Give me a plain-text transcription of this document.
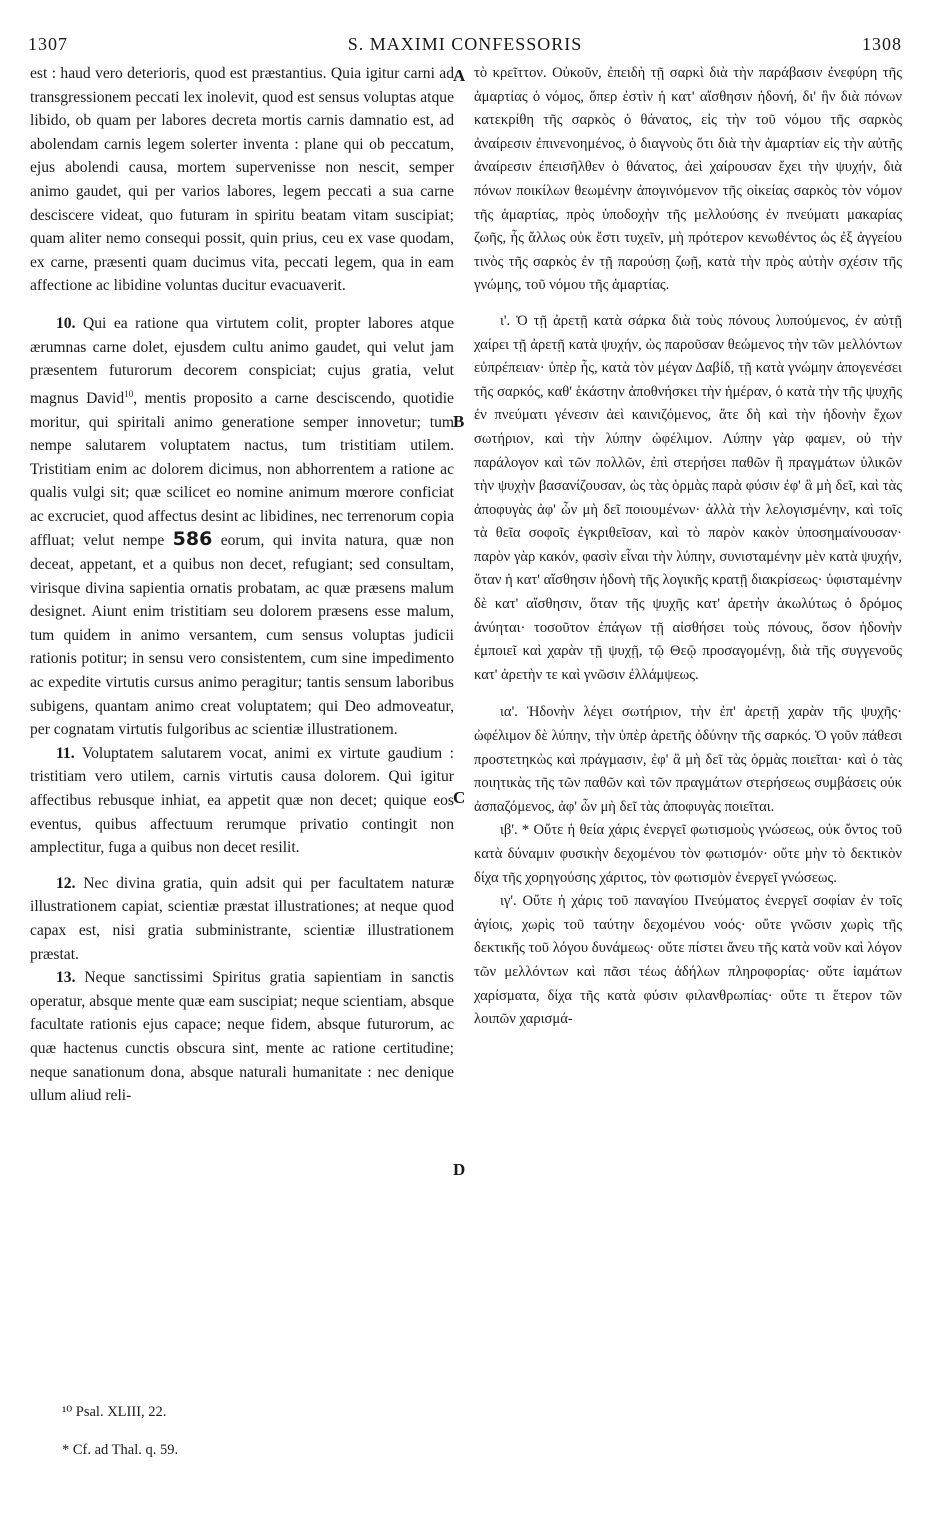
1307	S. MAXIMI CONFESSORIS	1308
A
B
C
D

est : haud vero deterioris, quod est præstantius. Quia igitur carni ad transgressionem peccati lex inolevit, quod est sensus voluptas atque libido, ob quam per labores decreta mortis carnis damnatio est, ad abolendam carnis legem solerter inventa : plane qui ob peccatum, ejus abolendi causa, mortem supervenisse non nescit, semper animo gaudet, qui per varios labores, legem peccati a sua carne desciscere videat, quo futuram in spiritu beatam vitam suscipiat; quam aliter nemo consequi possit, quin prius, ceu ex vase quodam, ex carne, præsenti quam ducimus vita, peccati legem, qua in eam affectione ac libidine voluntas ducitur evacuaverit.

10. Qui ea ratione qua virtutem colit, propter labores atque ærumnas carne dolet, ejusdem cultu animo gaudet, qui velut jam præsentem futurorum decorem conspiciat; cujus gratia, velut magnus David$^{10}$, mentis proposito a carne desciscendo, quotidie moritur, qui spiritali animo generatione semper innovetur; tum nempe salutarem voluptatem nactus, tum tristitiam utilem. Tristitiam enim ac dolorem dicimus, non abhorrentem a ratione ac qualis vulgi sit; quæ scilicet eo nomine animum mœrore conficiat ac excruciet, quod affectus desint ac libidines, nec terrenorum copia affluat; velut nempe 586 eorum, qui invita natura, quæ non deceat, appetant, et a quibus non decet, refugiant; sed consultam, virisque divina sapientia ornatis probatam, ac quæ præsens malum designet. Aiunt enim tristitiam seu dolorem præsens esse malum, tum quidem in animo versantem, cum sensus voluptas judicii rationis potitur; in sensu vero consistentem, cum sine impedimento ac expedite virtutis cursus animo peragitur; tantis sensum laboribus subigens, quantam animo creat voluptatem; qui Deo admoveatur, per cognatam virtutis fulgoribus ac scientiæ illustrationem.

11. Voluptatem salutarem vocat, animi ex virtute gaudium : tristitiam vero utilem, carnis virtutis causa dolorem. Qui igitur affectibus rebusque inhiat, ea appetit quæ non decet; quique eos eventus, quibus affectuum rerumque privatio contingit non amplectitur, fuga a quibus non decet resilit.

12. Nec divina gratia, quin adsit qui per facultatem naturæ illustrationem capiat, scientiæ præstat illustrationes; at neque quod capax est, nisi gratia subministrante, scientiæ illustrationem præstat.

13. Neque sanctissimi Spiritus gratia sapientiam in sanctis operatur, absque mente quæ eam suscipiat; neque scientiam, absque facultate rationis ejus capace; neque fidem, absque futurorum, ac quæ hactenus cunctis obscura sint, mente ac ratione certitudine; neque sanationum dona, absque naturali humanitate : nec denique ullum aliud reli-

τὸ κρεῖττον. Οὐκοῦν, ἐπειδὴ τῇ σαρκὶ διὰ τὴν παράβασιν ἐνεφύρη τῆς ἁμαρτίας ὁ νόμος, ὅπερ ἐστὶν ἡ κατ' αἴσθησιν ἡδονή, δι' ἣν διὰ πόνων κατεκρίθη τῆς σαρκὸς ὁ θάνατος, εἰς τὴν τοῦ νόμου τῆς σαρκὸς ἀναίρεσιν ἐπινενοημένος, ὁ διαγνοὺς ὅτι διὰ τὴν ἁμαρτίαν εἰς τὴν αὐτῆς ἀναίρεσιν ἐπεισῆλθεν ὁ θάνατος, ἀεὶ χαίρουσαν ἔχει τὴν ψυχήν, διὰ πόνων ποικίλων θεωμένην ἀπογινόμενον τῆς οἰκείας σαρκὸς τὸν νόμον τῆς ἁμαρτίας, πρὸς ὑποδοχὴν τῆς μελλούσης ἐν πνεύματι μακαρίας ζωῆς, ἧς ἄλλως οὐκ ἔστι τυχεῖν, μὴ πρότερον κενωθέντος ὡς ἐξ ἀγγείου τινὸς τῆς σαρκὸς ἐν τῇ παρούσῃ ζωῇ, κατὰ τὴν πρὸς αὐτὴν σχέσιν τῆς γνώμης, τοῦ νόμου τῆς ἁμαρτίας.

ι'. Ὁ τῇ ἀρετῇ κατὰ σάρκα διὰ τοὺς πόνους λυπούμενος, ἐν αὐτῇ χαίρει τῇ ἀρετῇ κατὰ ψυχήν, ὡς παροῦσαν θεώμενος τὴν τῶν μελλόντων εὐπρέπειαν· ὑπὲρ ἧς, κατὰ τὸν μέγαν Δαβίδ, τῇ κατὰ γνώμην ἀπογενέσει τῆς σαρκός, καθ' ἑκάστην ἀποθνήσκει τὴν ἡμέραν, ὁ κατὰ τὴν τῆς ψυχῆς ἐν πνεύματι γένεσιν ἀεὶ καινιζόμενος, ἅτε δὴ καὶ τὴν ἡδονὴν ἔχων σωτήριον, καὶ τὴν λύπην ὠφέλιμον. Λύπην γὰρ φαμεν, οὐ τὴν παράλογον καὶ τῶν πολλῶν, ἐπὶ στερήσει παθῶν ἢ πραγμάτων ὑλικῶν τὴν ψυχὴν βασανίζουσαν, ὡς τὰς ὁρμὰς παρὰ φύσιν ἐφ' ἃ μὴ δεῖ, καὶ τὰς ἀποφυγὰς ἀφ' ὧν μὴ δεῖ ποιουμένων· ἀλλὰ τὴν λελογισμένην, καὶ τοῖς τὰ θεῖα σοφοῖς ἐγκριθεῖσαν, καὶ τὸ παρὸν κακὸν ὑποσημαίνουσαν· παρὸν γὰρ κακόν, φασὶν εἶναι τὴν λύπην, συνισταμένην μὲν κατὰ ψυχήν, ὅταν ἡ κατ' αἴσθησιν ἡδονὴ τῆς λογικῆς κρατῇ διακρίσεως· ὑφισταμένην δὲ κατ' αἴσθησιν, ὅταν τῆς ψυχῆς κατ' ἀρετὴν ἀκωλύτως ὁ δρόμος ἀνύηται· τοσοῦτον ἐπάγων τῇ αἰσθήσει τοὺς πόνους, ὅσον ἡδονὴν ἐμποιεῖ καὶ χαρὰν τῇ ψυχῇ, τῷ Θεῷ προσαγομένῃ, διὰ τῆς συγγενοῦς κατ' ἀρετὴν τε καὶ γνῶσιν ἐλλάμψεως.

ια'. Ἡδονὴν λέγει σωτήριον, τὴν ἐπ' ἀρετῇ χαρὰν τῆς ψυχῆς· ὠφέλιμον δὲ λύπην, τὴν ὑπὲρ ἀρετῆς ὀδύνην τῆς σαρκός. Ὁ γοῦν πάθεσι προστετηκὼς καὶ πράγμασιν, ἐφ' ἃ μὴ δεῖ τὰς ὁρμὰς ποιεῖται· καὶ ὁ τὰς ποιητικὰς τῆς τῶν παθῶν καὶ τῶν πραγμάτων στερήσεως συμβάσεις οὐκ ἀσπαζόμενος, ἀφ' ὧν μὴ δεῖ τὰς ἀποφυγὰς ποιεῖται.

ιβ'. * Οὔτε ἡ θεία χάρις ἐνεργεῖ φωτισμοὺς γνώσεως, οὐκ ὄντος τοῦ κατὰ δύναμιν φυσικὴν δεχομένου τὸν φωτισμόν· οὔτε μὴν τὸ δεκτικὸν δίχα τῆς χορηγούσης χάριτος, τὸν φωτισμὸν ἐνεργεῖ γνώσεως.

ιγ'. Οὔτε ἡ χάρις τοῦ παναγίου Πνεύματος ἐνεργεῖ σοφίαν ἐν τοῖς ἁγίοις, χωρὶς τοῦ ταύτην δεχομένου νοός· οὔτε γνῶσιν χωρὶς τῆς δεκτικῆς τοῦ λόγου δυνάμεως· οὔτε πίστει ἄνευ τῆς κατὰ νοῦν καὶ λόγον τῶν μελλόντων καὶ πᾶσι τέως ἀδήλων πληροφορίας· οὔτε ἰαμάτων χαρίσματα, δίχα τῆς κατὰ φύσιν φιλανθρωπίας· οὔτε τι ἕτερον τῶν λοιπῶν χαρισμά-

¹⁰ Psal. XLIII, 22.

* Cf. ad Thal. q. 59.
